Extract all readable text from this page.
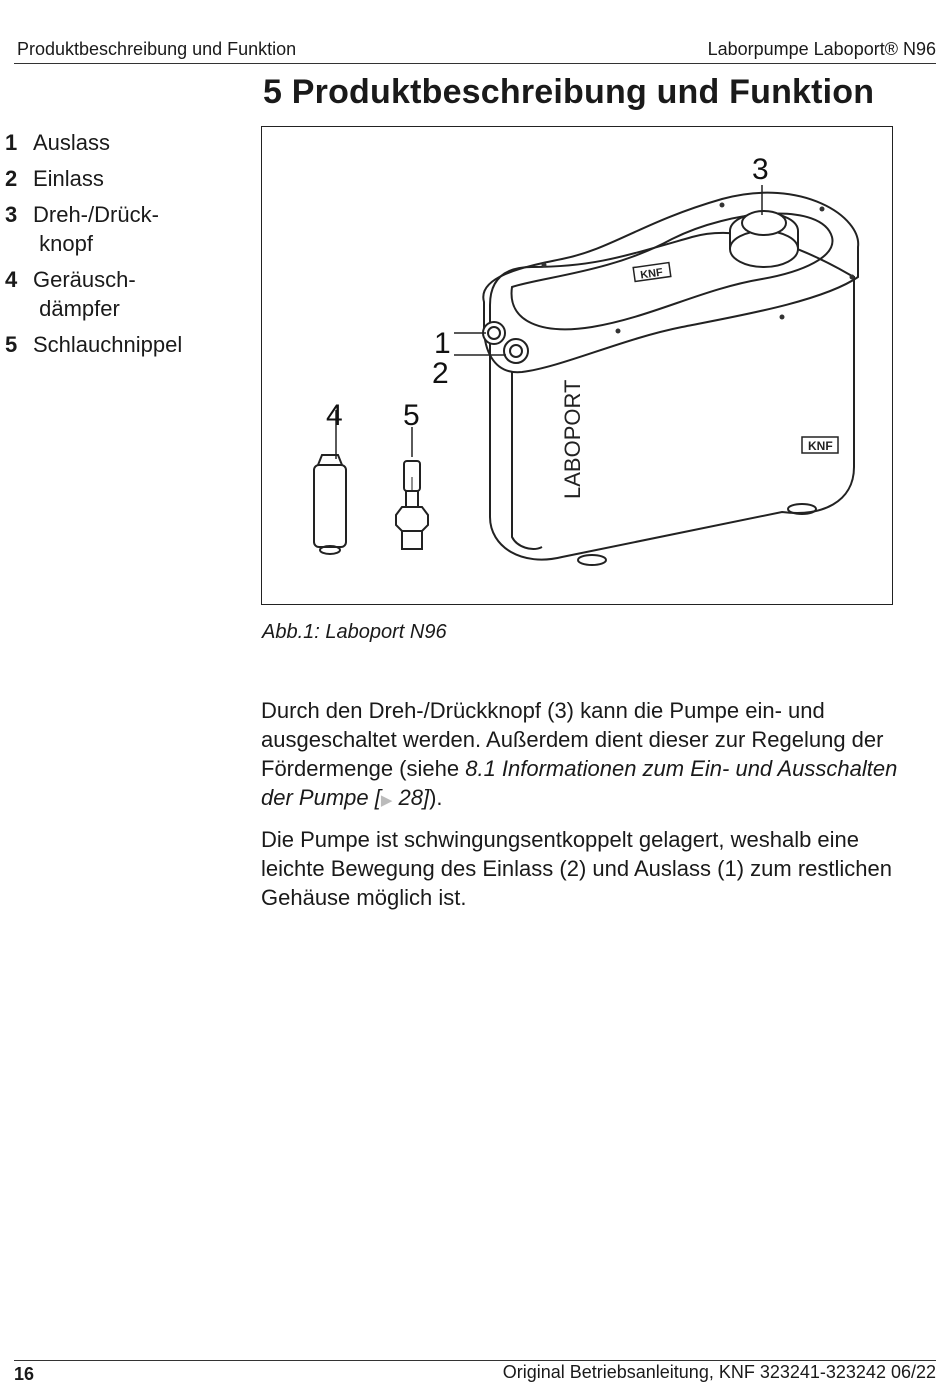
Produktbeschreibung und Funktion	Laborpumpe Laboport® N96
5 Produktbeschreibung und Funktion
1 Auslass
2 Einlass
3 Dreh-/Drück- knopf
4 Geräusch- dämpfer
5 Schlauchnippel	1
2
3
4 5	LABOPORT
KNF
KNF
Abb.1: Laboport N96

Durch den Dreh-/Drückknopf (3) kann die Pumpe ein- und ausgeschaltet werden. Außerdem dient dieser zur Regelung der Fördermenge (siehe 8.1 Informationen zum Ein- und Ausschalten der Pumpe [▶ 28]).

Die Pumpe ist schwingungsentkoppelt gelagert, weshalb eine leichte Bewegung des Einlass (2) und Auslass (1) zum restlichen Gehäuse möglich ist.

16	Original Betriebsanleitung, KNF 323241-323242 06/22
